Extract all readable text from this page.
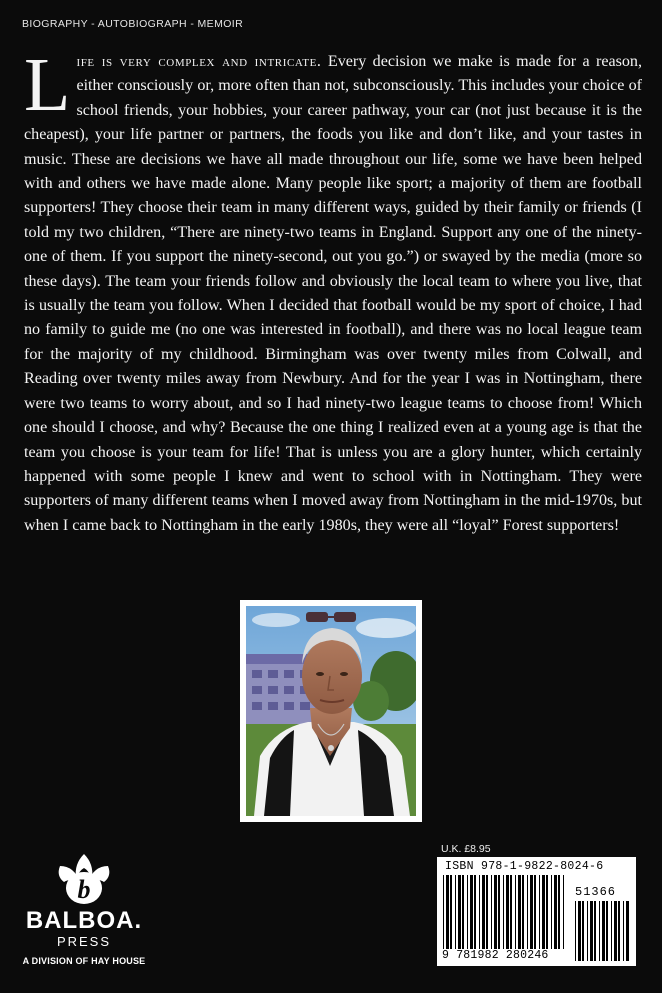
BIOGRAPHY - AUTOBIOGRAPH - MEMOIR

Life is very complex and intricate. Every decision we make is made for a reason, either consciously or, more often than not, subconsciously. This includes your choice of school friends, your hobbies, your career pathway, your car (not just because it is the cheapest), your life partner or partners, the foods you like and don’t like, and your tastes in music. These are decisions we have all made throughout our life, some we have been helped with and others we have made alone. Many people like sport; a majority of them are football supporters! They choose their team in many different ways, guided by their family or friends (I told my two children, “There are ninety-two teams in England. Support any one of the ninety-one of them. If you support the ninety-second, out you go.”) or swayed by the media (more so these days). The team your friends follow and obviously the local team to where you live, that is usually the team you follow. When I decided that football would be my sport of choice, I had no family to guide me (no one was interested in football), and there was no local league team for the majority of my childhood. Birmingham was over twenty miles from Colwall, and Reading over twenty miles away from Newbury. And for the year I was in Nottingham, there were two teams to worry about, and so I had ninety-two league teams to choose from! Which one should I choose, and why? Because the one thing I realized even at a young age is that the team you choose is your team for life! That is unless you are a glory hunter, which certainly happened with some people I knew and went to school with in Nottingham. They were supporters of many different teams when I moved away from Nottingham in the mid-1970s, but when I came back to Nottingham in the early 1980s, they were all “loyal” Forest supporters!

b
BALBOA.
PRESS
A DIVISION OF HAY HOUSE
U.K. £8.95
ISBN 978-1-9822-8024-6
51366
9 781982 280246
